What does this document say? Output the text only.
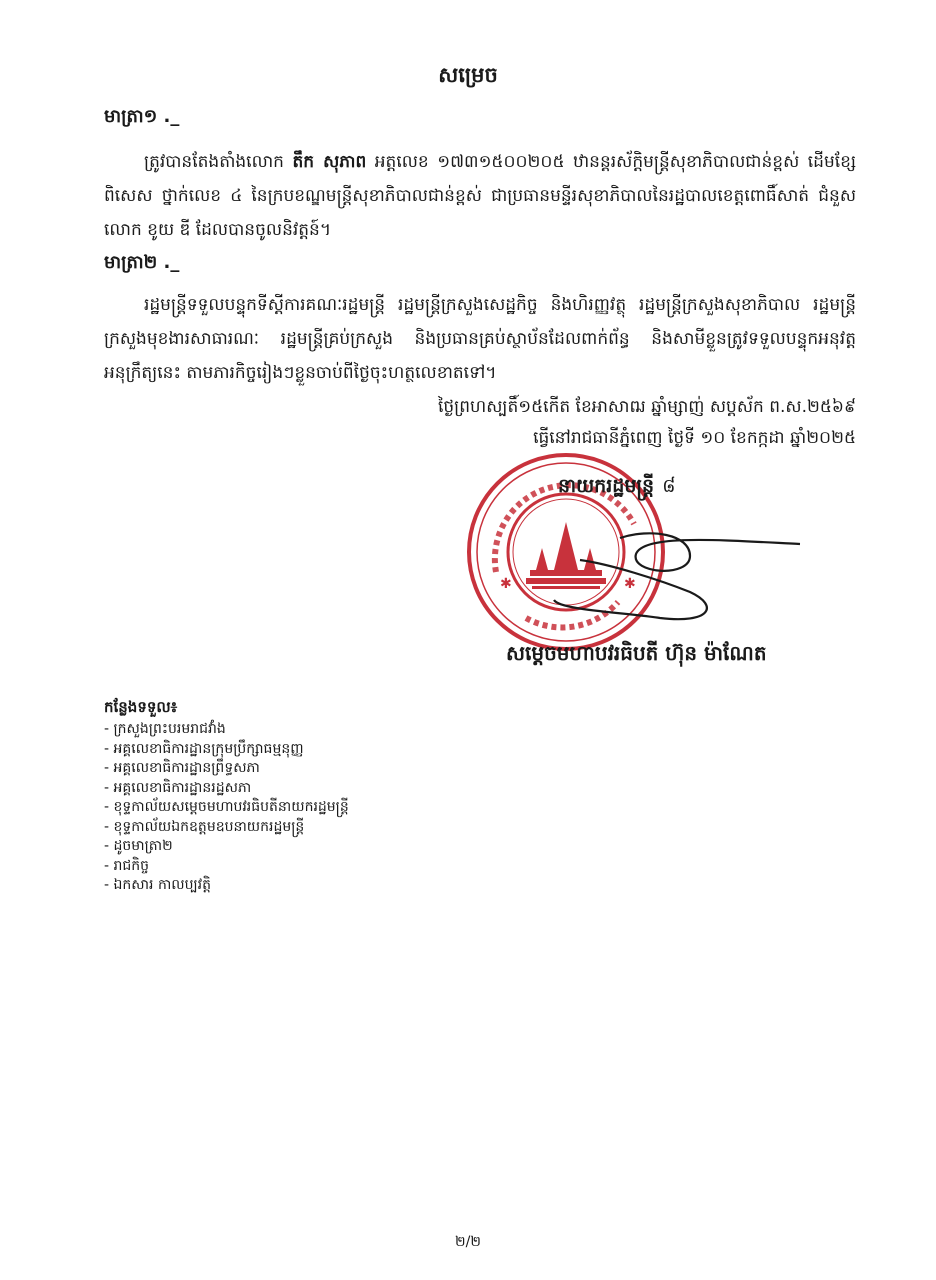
សម្រេច
មាត្រា១ ._
ត្រូវបានតែងតាំងលោក តឹក សុភាព អត្តលេខ ១៧៣១៥០០២០៥ ឋានន្តរស័ក្តិមន្ត្រីសុខាភិបាលជាន់ខ្ពស់ ដើមខ្សែពិសេស ថ្នាក់លេខ ៤ នៃក្របខណ្ឌមន្ត្រីសុខាភិបាលជាន់ខ្ពស់ ជាប្រធានមន្ទីរសុខាភិបាលនៃរដ្ឋបាលខេត្តពោធិ៍សាត់ ជំនួសលោក ខូយ ឌី ដែលបានចូលនិវត្តន៍។
មាត្រា២ ._
រដ្ឋមន្ត្រីទទួលបន្ទុកទីស្តីការគណៈរដ្ឋមន្ត្រី រដ្ឋមន្ត្រីក្រសួងសេដ្ឋកិច្ច និងហិរញ្ញវត្ថុ រដ្ឋមន្ត្រីក្រសួងសុខាភិបាល រដ្ឋមន្ត្រីក្រសួងមុខងារសាធារណៈ រដ្ឋមន្ត្រីគ្រប់ក្រសួង និងប្រធានគ្រប់ស្ថាប័នដែលពាក់ព័ន្ធ និងសាមីខ្លួនត្រូវទទួលបន្ទុកអនុវត្តអនុក្រឹត្យនេះ តាមភារកិច្ចរៀងៗខ្លួនចាប់ពីថ្ងៃចុះហត្ថលេខាតទៅ។
ថ្ងៃព្រហស្បតិ៍១៥កើត ខែអាសាឍ ឆ្នាំម្សាញ់ សប្តស័ក ព.ស.២៥៦៩
ធ្វើនៅរាជធានីភ្នំពេញ ថ្ងៃទី ១០ ខែកក្កដា ឆ្នាំ២០២៥
✱	✱
នាយករដ្ឋមន្ត្រី ៨
សម្តេចមហាបវរធិបតី ហ៊ុន ម៉ាណែត
កន្លែងទទួល៖
- ក្រសួងព្រះបរមរាជវាំង
- អគ្គលេខាធិការដ្ឋានក្រុមប្រឹក្សាធម្មនុញ្ញ
- អគ្គលេខាធិការដ្ឋានព្រឹទ្ធសភា
- អគ្គលេខាធិការដ្ឋានរដ្ឋសភា
- ខុទ្ទកាល័យសម្តេចមហាបវរធិបតីនាយករដ្ឋមន្ត្រី
- ខុទ្ទកាល័យឯកឧត្តមឧបនាយករដ្ឋមន្ត្រី
- ដូចមាត្រា២
- រាជកិច្ច
- ឯកសារ កាលប្បវត្តិ
២/២
